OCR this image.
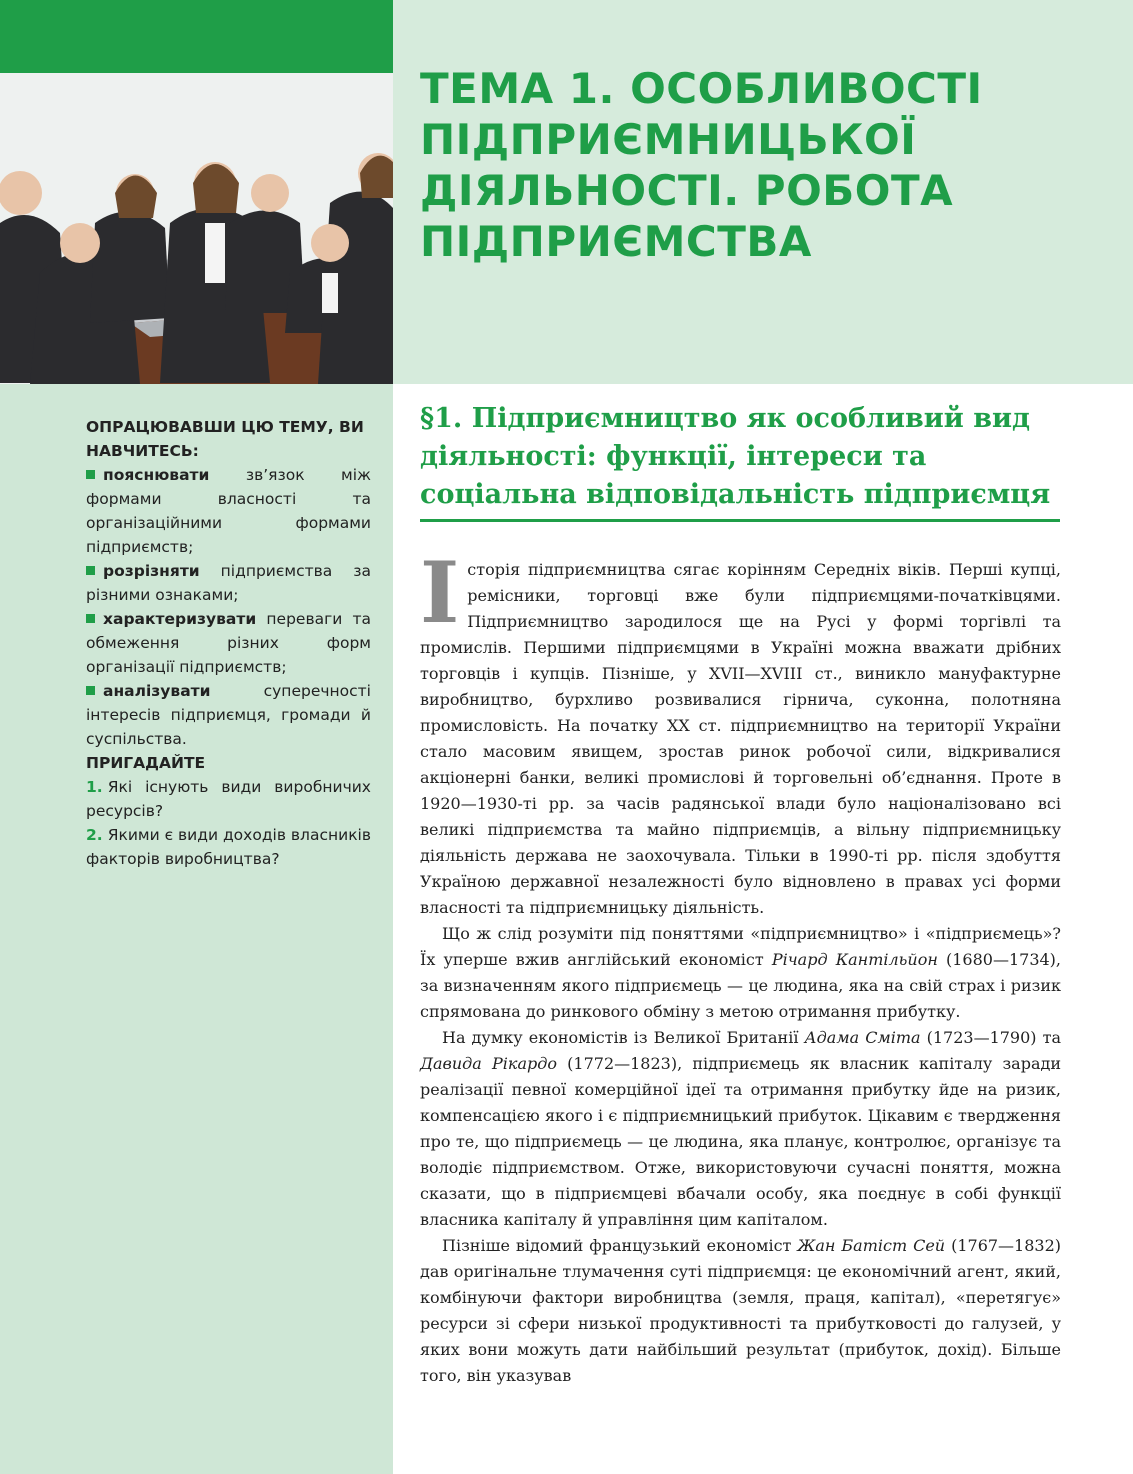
ТЕМА 1. ОСОБЛИВОСТІ ПІДПРИЄМНИЦЬКОЇ ДІЯЛЬНОСТІ. РОБОТА ПІДПРИЄМСТВА

ОПРАЦЮВАВШИ ЦЮ ТЕМУ, ВИ НАВЧИТЕСЬ:

пояснювати зв’язок між формами власності та організаційними формами підприємств;
розрізняти підприємства за різними ознаками;
характеризувати переваги та обмеження різних форм організації підприємств;
аналізувати суперечності інтересів підприємця, громади й суспільства.

ПРИГАДАЙТЕ

1. Які існують види виробничих ресурсів?
2. Якими є види доходів власників факторів виробництва?
§1. Підприємництво як особливий вид діяльності: функції, інтереси та соціальна відповідальність підприємця

Історія підприємництва сягає корінням Середніх віків. Перші купці, ремісники, торговці вже були підприємцями-початківцями. Підприємництво зародилося ще на Русі у формі торгівлі та промислів. Першими підприємцями в Україні можна вважати дрібних торговців і купців. Пізніше, у XVII—XVIII ст., виникло мануфактурне виробництво, бурхливо розвивалися гірнича, суконна, полотняна промисловість. На початку XX ст. підприємництво на території України стало масовим явищем, зростав ринок робочої сили, відкривалися акціонерні банки, великі промислові й торговельні об’єднання. Проте в 1920—1930-ті рр. за часів радянської влади було націоналізовано всі великі підприємства та майно підприємців, а вільну підприємницьку діяльність держава не заохочувала. Тільки в 1990-ті рр. після здобуття Україною державної незалежності було відновлено в правах усі форми власності та підприємницьку діяльність.

Що ж слід розуміти під поняттями «підприємництво» і «підприємець»? Їх уперше вжив англійський економіст Річард Кантільйон (1680—1734), за визначенням якого підприємець — це людина, яка на свій страх і ризик спрямована до ринкового обміну з метою отримання прибутку.

На думку економістів із Великої Британії Адама Сміта (1723—1790) та Давида Рікардо (1772—1823), підприємець як власник капіталу заради реалізації певної комерційної ідеї та отримання прибутку йде на ризик, компенсацією якого і є підприємницький прибуток. Цікавим є твердження про те, що підприємець — це людина, яка планує, контролює, організує та володіє підприємством. Отже, використовуючи сучасні поняття, можна сказати, що в підприємцеві вбачали особу, яка поєднує в собі функції власника капіталу й управління цим капіталом.

Пізніше відомий французький економіст Жан Батіст Сей (1767—1832) дав оригінальне тлумачення суті підприємця: це економічний агент, який, комбінуючи фактори виробництва (земля, праця, капітал), «перетягує» ресурси зі сфери низької продуктивності та прибутковості до галузей, у яких вони можуть дати найбільший результат (прибуток, дохід). Більше того, він указував
